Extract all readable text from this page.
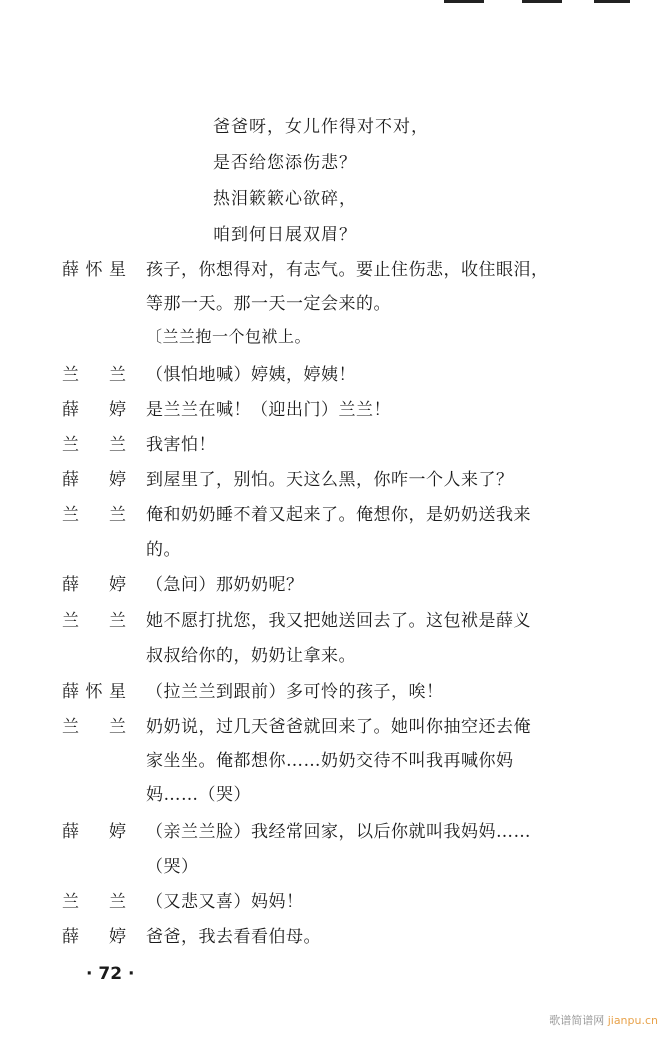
爸爸呀，女儿作得对不对，
是否给您添伤悲？
热泪簌簌心欲碎，
咱到何日展双眉？
薛 怀 星 孩子，你想得对，有志气。要止住伤悲，收住眼泪，
等那一天。那一天一定会来的。
〔兰兰抱一个包袱上。
兰 兰 （惧怕地喊）婷姨，婷姨！
薛 婷 是兰兰在喊！（迎出门）兰兰！
兰 兰 我害怕！
薛 婷 到屋里了，别怕。天这么黑，你咋一个人来了？
兰 兰 俺和奶奶睡不着又起来了。俺想你，是奶奶送我来
的。
薛 婷 （急问）那奶奶呢？
兰 兰 她不愿打扰您，我又把她送回去了。这包袱是薛义
叔叔给你的，奶奶让拿来。
薛 怀 星 （拉兰兰到跟前）多可怜的孩子，唉！
兰 兰 奶奶说，过几天爸爸就回来了。她叫你抽空还去俺
家坐坐。俺都想你……奶奶交待不叫我再喊你妈
妈……（哭）
薛 婷 （亲兰兰脸）我经常回家，以后你就叫我妈妈……
（哭）
兰 兰 （又悲又喜）妈妈！
薛 婷 爸爸，我去看看伯母。
· 72 ·
歌谱简谱网 jianpu.cn
